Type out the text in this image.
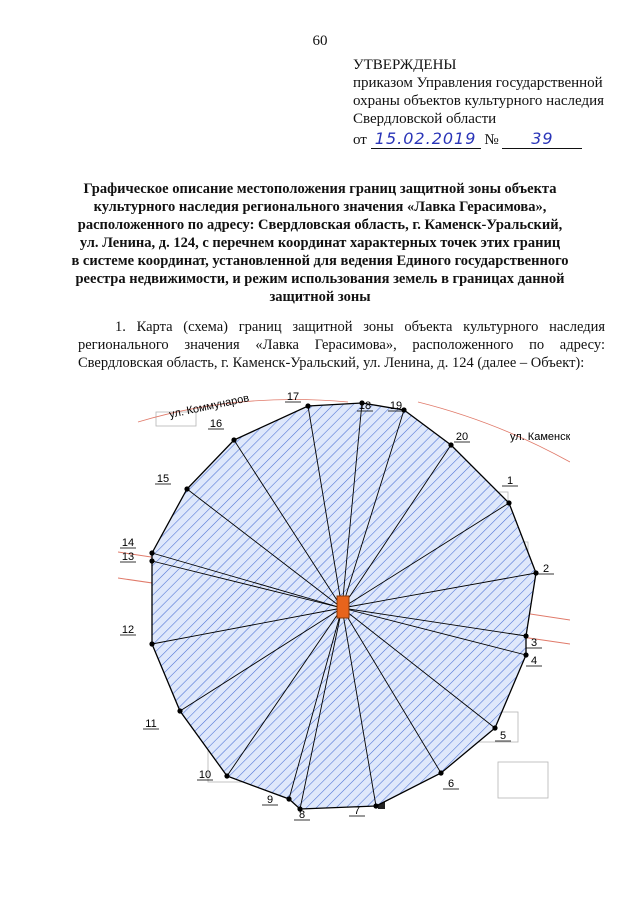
60
УТВЕРЖДЕНЫ
приказом Управления государственной
охраны объектов культурного наследия
Свердловской области
от 15.02.2019 № 39
Графическое описание местоположения границ защитной зоны объекта
культурного наследия регионального значения «Лавка Герасимова»,
расположенного по адресу: Свердловская область, г. Каменск-Уральский,
ул. Ленина, д. 124, с перечнем координат характерных точек этих границ
в системе координат, установленной для ведения Единого государственного
реестра недвижимости, и режим использования земель в границах данной
защитной зоны
1. Карта (схема) границ защитной зоны объекта культурного наследия
регионального значения «Лавка Герасимова», расположенного по адресу:
Свердловская область, г. Каменск-Уральский, ул. Ленина, д. 124 (далее – Объект):
1
2
3
4
5
6
7
8
9
10
11
12
13
14
15
16
17
18 19
20
ул. Коммунаров
ул. Каменск
